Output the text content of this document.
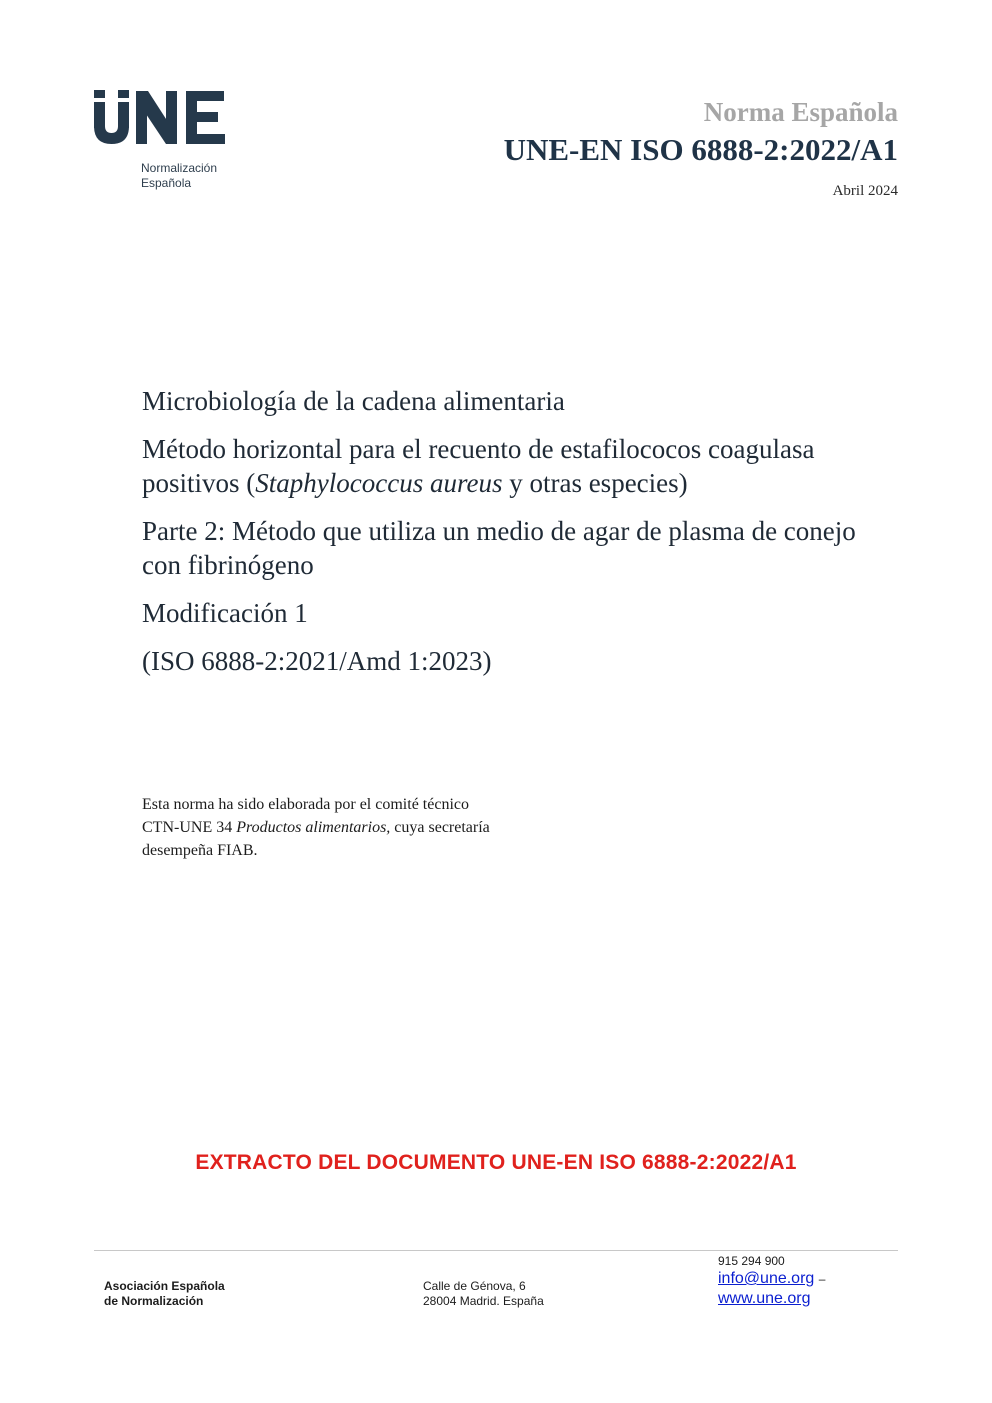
Normalización
Española
Norma Española
UNE-EN ISO 6888-2:2022/A1
Abril 2024

Microbiología de la cadena alimentaria

Método horizontal para el recuento de estafilococos coagulasa positivos (Staphylococcus aureus y otras especies)

Parte 2: Método que utiliza un medio de agar de plasma de conejo con fibrinógeno

Modificación 1

(ISO 6888-2:2021/Amd 1:2023)

Esta norma ha sido elaborada por el comité técnico

CTN-UNE 34 Productos alimentarios, cuya secretaría

desempeña FIAB.

EXTRACTO DEL DOCUMENTO UNE-EN ISO 6888-2:2022/A1
Asociación Española
de Normalización
Calle de Génova, 6
28004 Madrid. España
915 294 900
info@une.org –
www.une.org
